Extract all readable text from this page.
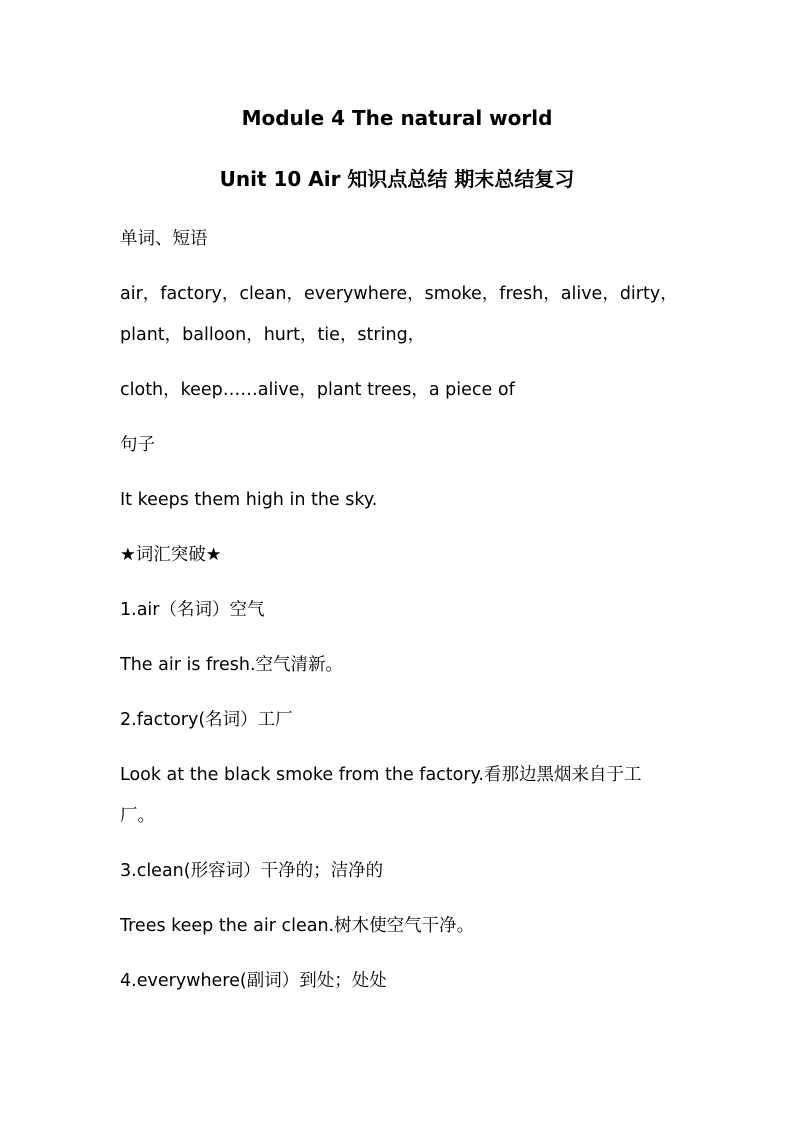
Module 4 The natural world
Unit 10 Air 知识点总结 期末总结复习

单词、短语

air，factory，clean，everywhere，smoke，fresh，alive，dirty，

plant，balloon，hurt，tie，string，

cloth，keep……alive，plant trees，a piece of

句子

It keeps them high in the sky.

★词汇突破★

1.air（名词）空气

The air is fresh.空气清新。

2.factory(名词）工厂

Look at the black smoke from the factory.看那边黑烟来自于工

厂。

3.clean(形容词）干净的；洁净的

Trees keep the air clean.树木使空气干净。

4.everywhere(副词）到处；处处
